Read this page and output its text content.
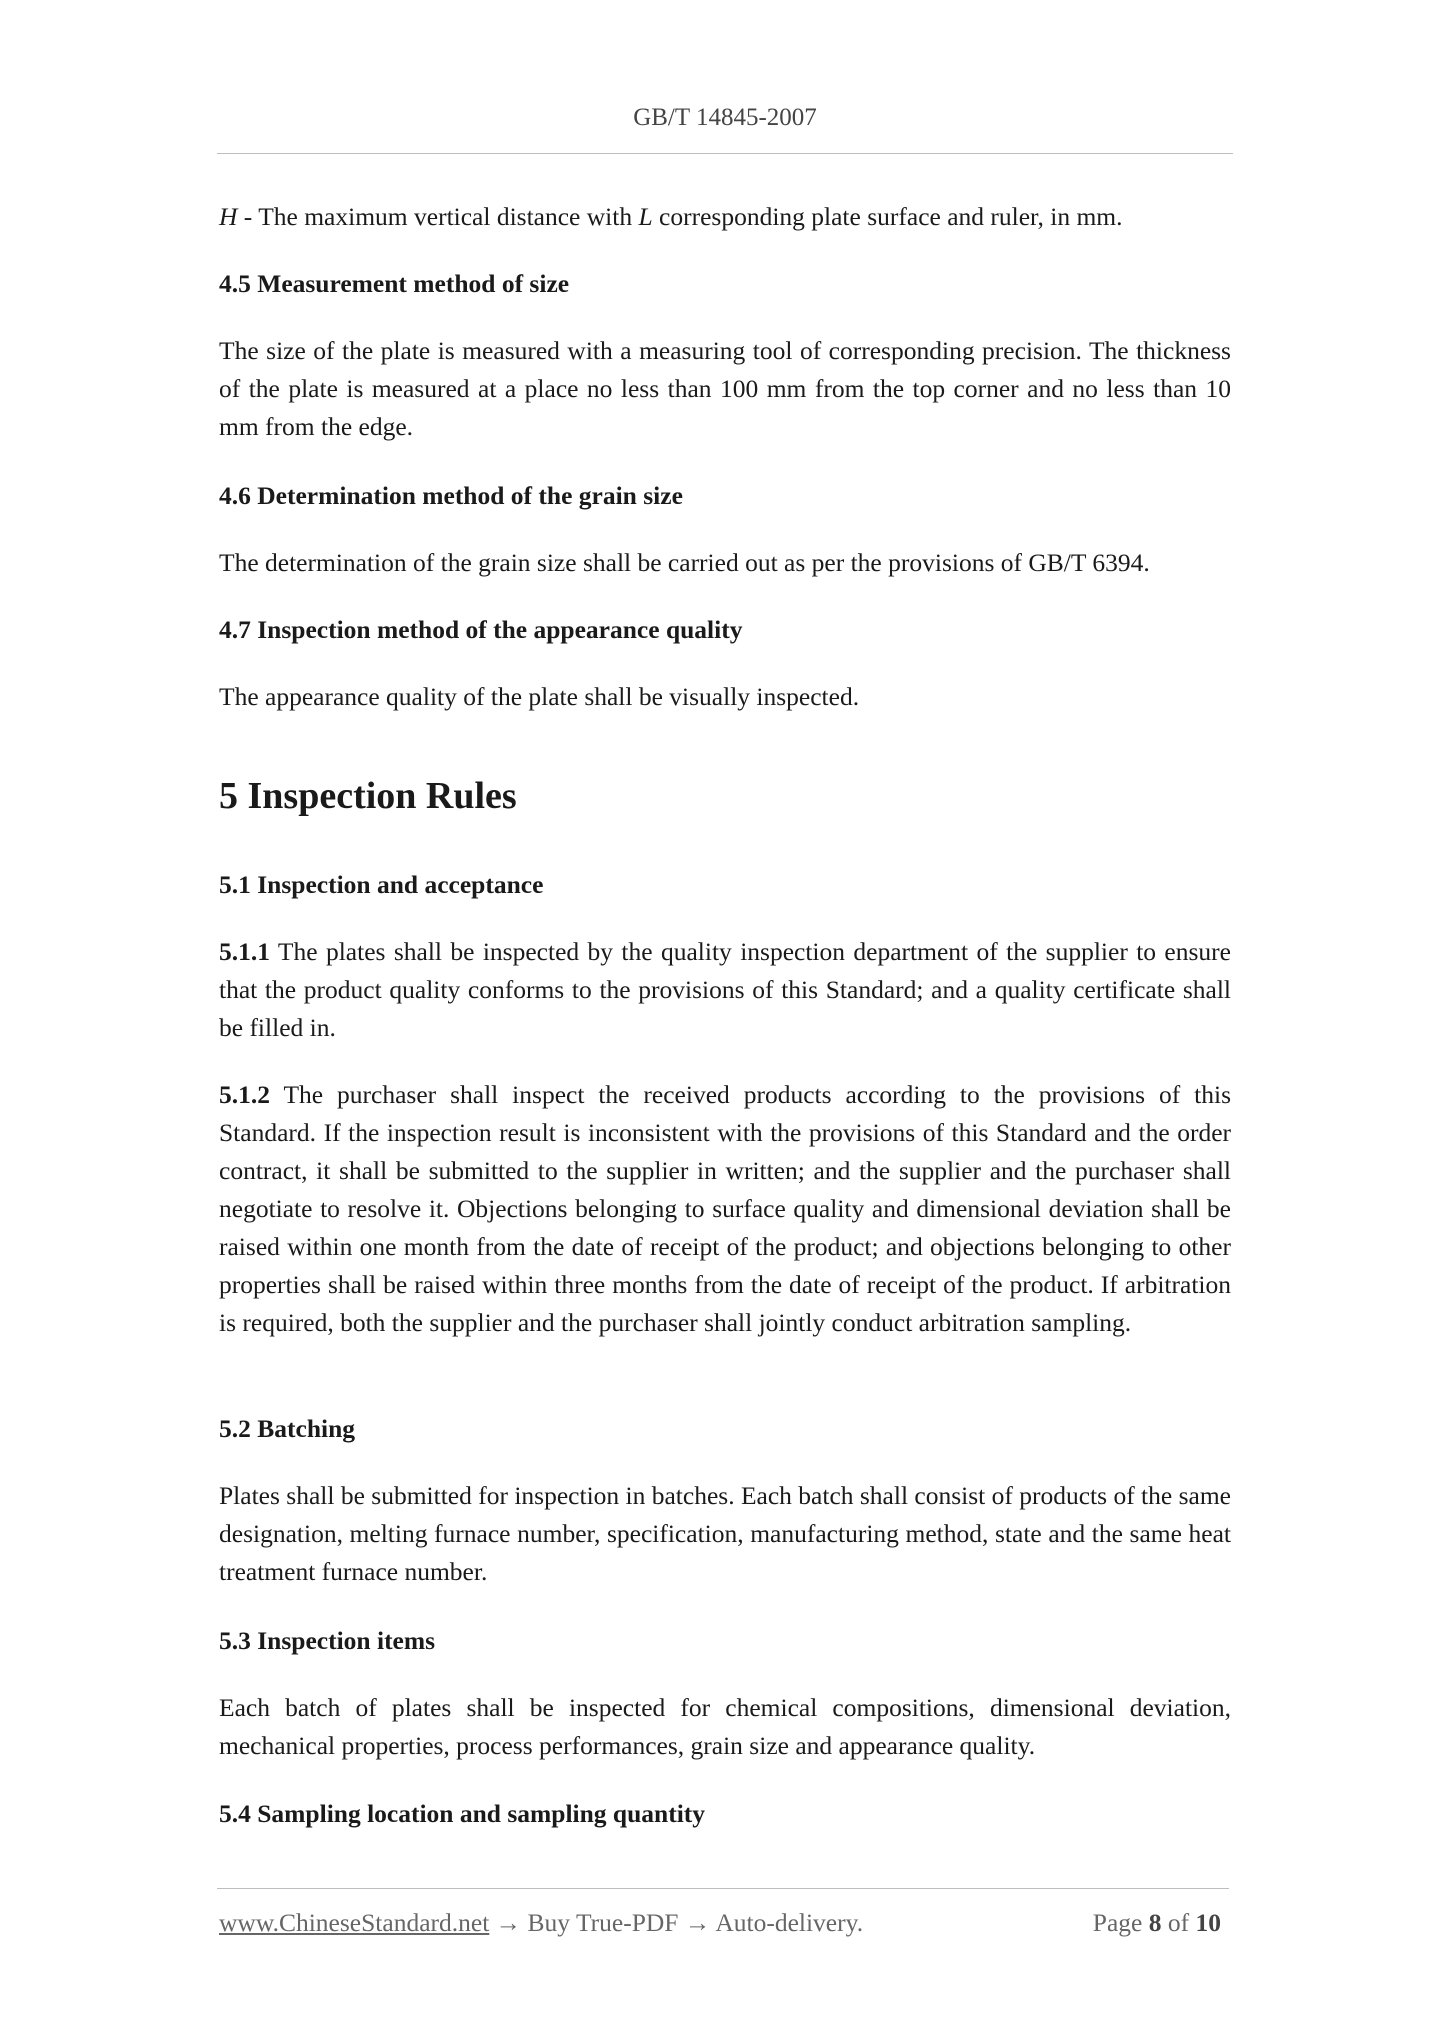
GB/T 14845-2007

H - The maximum vertical distance with L corresponding plate surface and ruler, in mm.

4.5 Measurement method of size

The size of the plate is measured with a measuring tool of corresponding precision. The thickness of the plate is measured at a place no less than 100 mm from the top corner and no less than 10 mm from the edge.

4.6 Determination method of the grain size

The determination of the grain size shall be carried out as per the provisions of GB/T 6394.

4.7 Inspection method of the appearance quality

The appearance quality of the plate shall be visually inspected.

5 Inspection Rules

5.1 Inspection and acceptance

5.1.1 The plates shall be inspected by the quality inspection department of the supplier to ensure that the product quality conforms to the provisions of this Standard; and a quality certificate shall be filled in.

5.1.2 The purchaser shall inspect the received products according to the provisions of this Standard. If the inspection result is inconsistent with the provisions of this Standard and the order contract, it shall be submitted to the supplier in written; and the supplier and the purchaser shall negotiate to resolve it. Objections belonging to surface quality and dimensional deviation shall be raised within one month from the date of receipt of the product; and objections belonging to other properties shall be raised within three months from the date of receipt of the product. If arbitration is required, both the supplier and the purchaser shall jointly conduct arbitration sampling.

5.2 Batching

Plates shall be submitted for inspection in batches. Each batch shall consist of products of the same designation, melting furnace number, specification, manufacturing method, state and the same heat treatment furnace number.

5.3 Inspection items

Each batch of plates shall be inspected for chemical compositions, dimensional deviation, mechanical properties, process performances, grain size and appearance quality.

5.4 Sampling location and sampling quantity

www.ChineseStandard.net → Buy True-PDF → Auto-delivery.	Page 8 of 10
